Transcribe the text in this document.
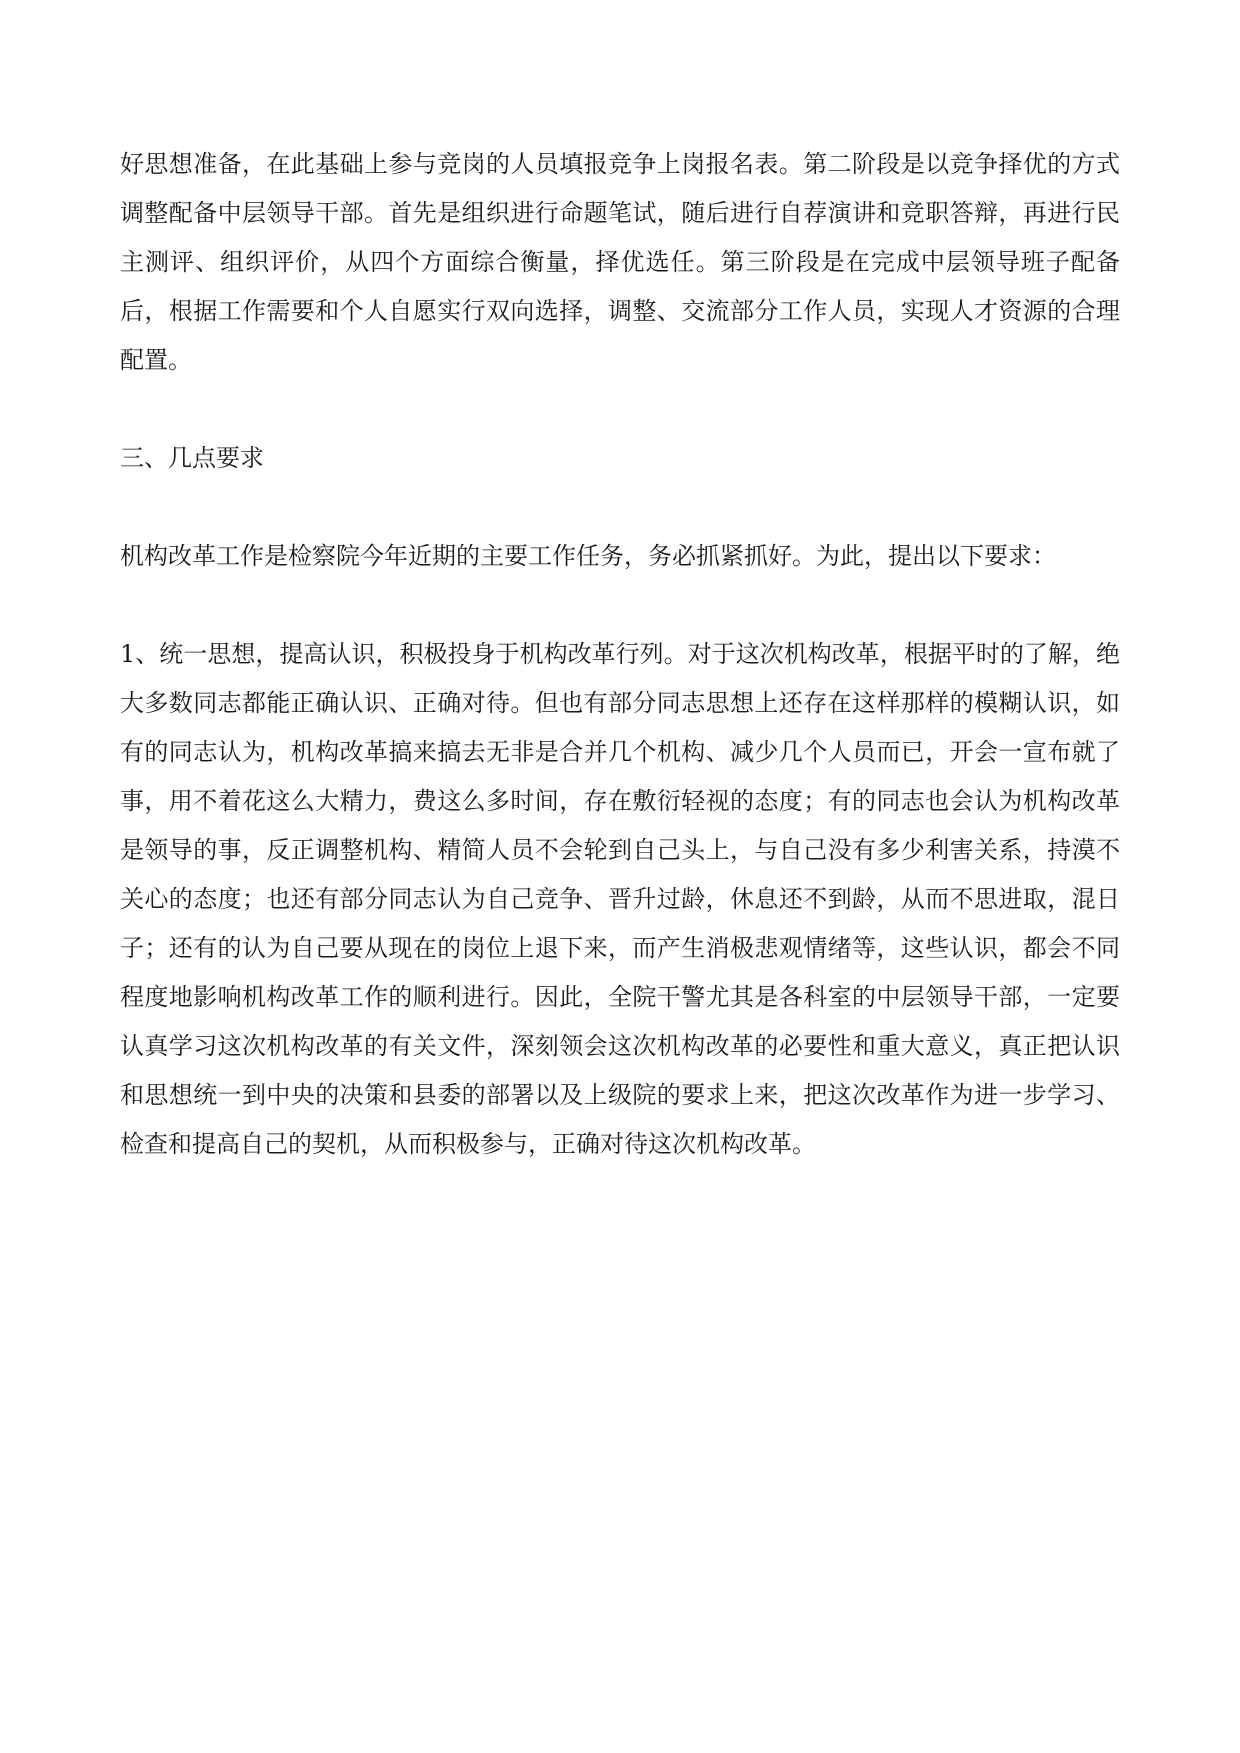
好思想准备，在此基础上参与竞岗的人员填报竞争上岗报名表。第二阶段是以竞争择优的方式调整配备中层领导干部。首先是组织进行命题笔试，随后进行自荐演讲和竞职答辩，再进行民主测评、组织评价，从四个方面综合衡量，择优选任。第三阶段是在完成中层领导班子配备后，根据工作需要和个人自愿实行双向选择，调整、交流部分工作人员，实现人才资源的合理配置。

三、几点要求

机构改革工作是检察院今年近期的主要工作任务，务必抓紧抓好。为此，提出以下要求：

1、统一思想，提高认识，积极投身于机构改革行列。对于这次机构改革，根据平时的了解，绝大多数同志都能正确认识、正确对待。但也有部分同志思想上还存在这样那样的模糊认识，如有的同志认为，机构改革搞来搞去无非是合并几个机构、减少几个人员而已，开会一宣布就了事，用不着花这么大精力，费这么多时间，存在敷衍轻视的态度；有的同志也会认为机构改革是领导的事，反正调整机构、精简人员不会轮到自己头上，与自己没有多少利害关系，持漠不关心的态度；也还有部分同志认为自己竞争、晋升过龄，休息还不到龄，从而不思进取，混日子；还有的认为自己要从现在的岗位上退下来，而产生消极悲观情绪等，这些认识，都会不同程度地影响机构改革工作的顺利进行。因此，全院干警尤其是各科室的中层领导干部，一定要认真学习这次机构改革的有关文件，深刻领会这次机构改革的必要性和重大意义，真正把认识和思想统一到中央的决策和县委的部署以及上级院的要求上来，把这次改革作为进一步学习、检查和提高自己的契机，从而积极参与，正确对待这次机构改革。
